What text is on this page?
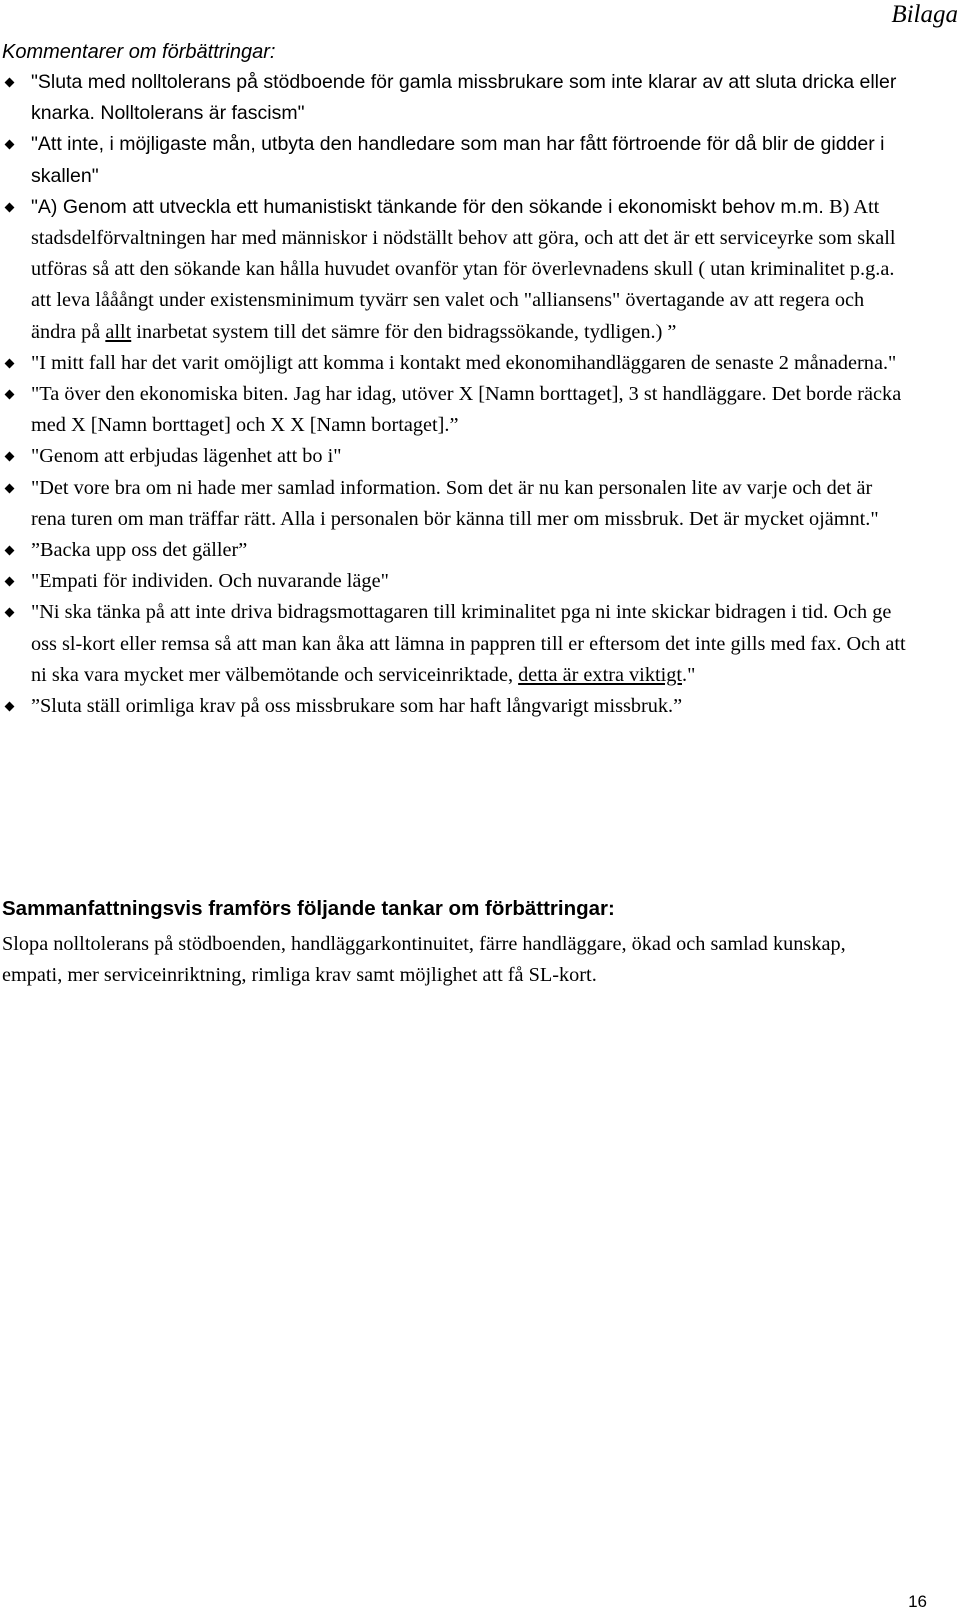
Bilaga
Kommentarer om förbättringar:
"Sluta med nolltolerans på stödboende för gamla missbrukare som inte klarar av att sluta dricka eller knarka. Nolltolerans är fascism"
"Att inte, i möjligaste mån, utbyta den handledare som man har fått förtroende för då blir de gidder i skallen"
"A) Genom att utveckla ett humanistiskt tänkande för den sökande i ekonomiskt behov m.m. B) Att stadsdelförvaltningen har med människor i nödställt behov att göra, och att det är ett serviceyrke som skall utföras så att den sökande kan hålla huvudet ovanför ytan för överlevnadens skull ( utan kriminalitet p.g.a. att leva lååångt under existensminimum tyvärr sen valet och "alliansens" övertagande av att regera och ändra på allt inarbetat system till det sämre för den bidragssökande, tydligen.) ”
"I mitt fall har det varit omöjligt att komma i kontakt med ekonomihandläggaren de senaste 2 månaderna."
"Ta över den ekonomiska biten. Jag har idag, utöver X [Namn borttaget], 3 st handläggare. Det borde räcka med X [Namn borttaget] och X X [Namn bortaget].”
"Genom att erbjudas lägenhet att bo i"
"Det vore bra om ni hade mer samlad information. Som det är nu kan personalen lite av varje och det är rena turen om man träffar rätt. Alla i personalen bör känna till mer om missbruk. Det är mycket ojämnt."
”Backa upp oss det gäller”
"Empati för individen. Och nuvarande läge"
"Ni ska tänka på att inte driva bidragsmottagaren till kriminalitet pga ni inte skickar bidragen i tid. Och ge oss sl-kort eller remsa så att man kan åka att lämna in pappren till er eftersom det inte gills med fax. Och att ni ska vara mycket mer välbemötande och serviceinriktade, detta är extra viktigt."
”Sluta ställ orimliga krav på oss missbrukare som har haft långvarigt missbruk.”
Sammanfattningsvis framförs följande tankar om förbättringar:
Slopa nolltolerans på stödboenden, handläggarkontinuitet, färre handläggare, ökad och samlad kunskap, empati, mer serviceinriktning, rimliga krav samt möjlighet att få SL-kort.
16
